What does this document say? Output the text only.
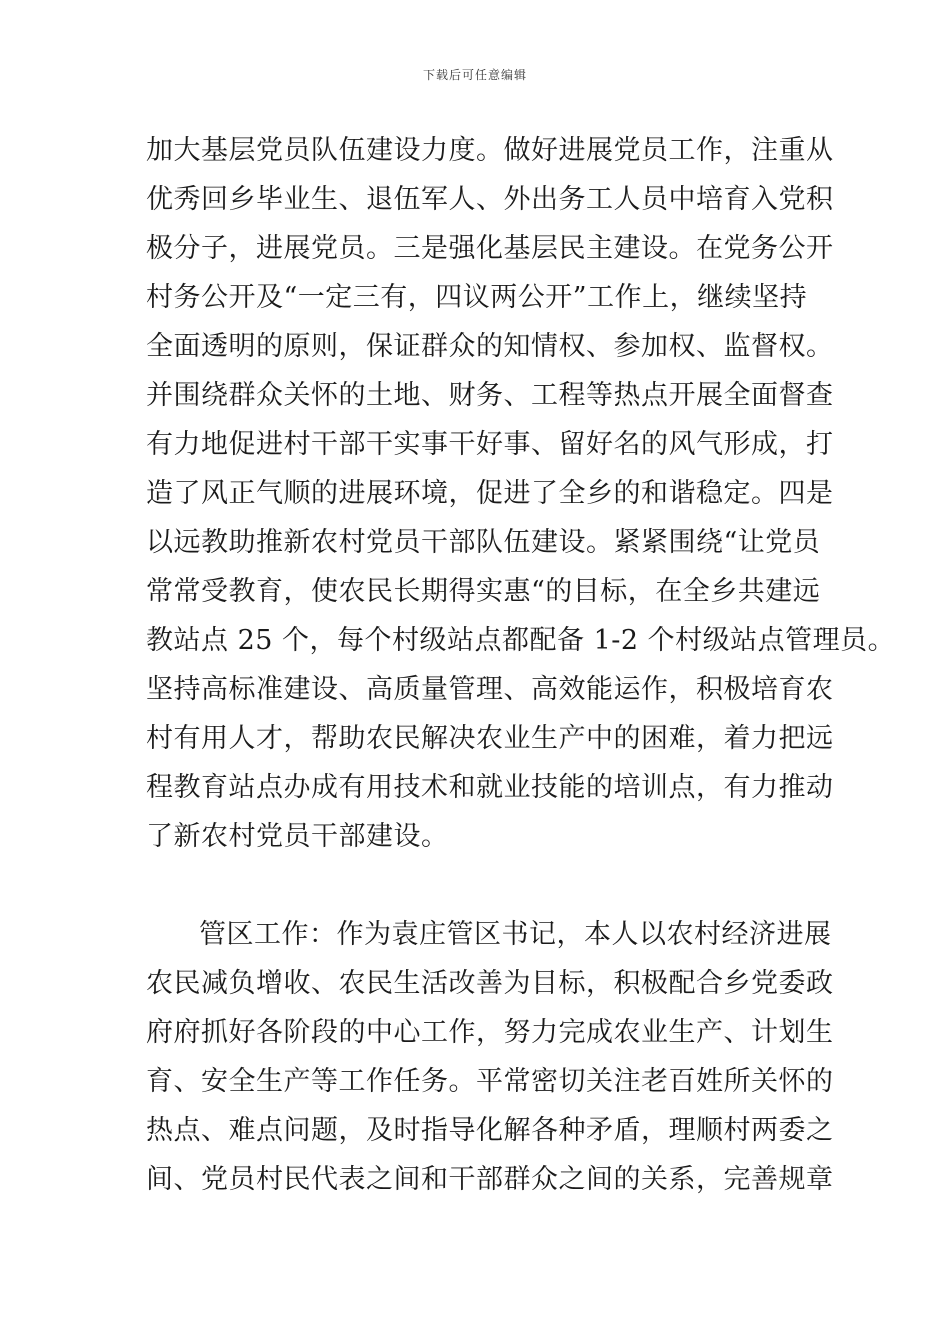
下载后可任意编辑
加大基层党员队伍建设力度。做好进展党员工作，注重从
优秀回乡毕业生、退伍军人、外出务工人员中培育入党积
极分子，进展党员。三是强化基层民主建设。在党务公开
村务公开及“一定三有，四议两公开”工作上，继续坚持
全面透明的原则，保证群众的知情权、参加权、监督权。
并围绕群众关怀的土地、财务、工程等热点开展全面督查
有力地促进村干部干实事干好事、留好名的风气形成，打
造了风正气顺的进展环境，促进了全乡的和谐稳定。四是
以远教助推新农村党员干部队伍建设。紧紧围绕“让党员
常常受教育，使农民长期得实惠“的目标，在全乡共建远
教站点 25 个，每个村级站点都配备 1-2 个村级站点管理员。
坚持高标准建设、高质量管理、高效能运作，积极培育农
村有用人才，帮助农民解决农业生产中的困难，着力把远
程教育站点办成有用技术和就业技能的培训点，有力推动
了新农村党员干部建设。
管区工作：作为袁庄管区书记，本人以农村经济进展
农民减负增收、农民生活改善为目标，积极配合乡党委政
府府抓好各阶段的中心工作，努力完成农业生产、计划生
育、安全生产等工作任务。平常密切关注老百姓所关怀的
热点、难点问题，及时指导化解各种矛盾，理顺村两委之
间、党员村民代表之间和干部群众之间的关系，完善规章
